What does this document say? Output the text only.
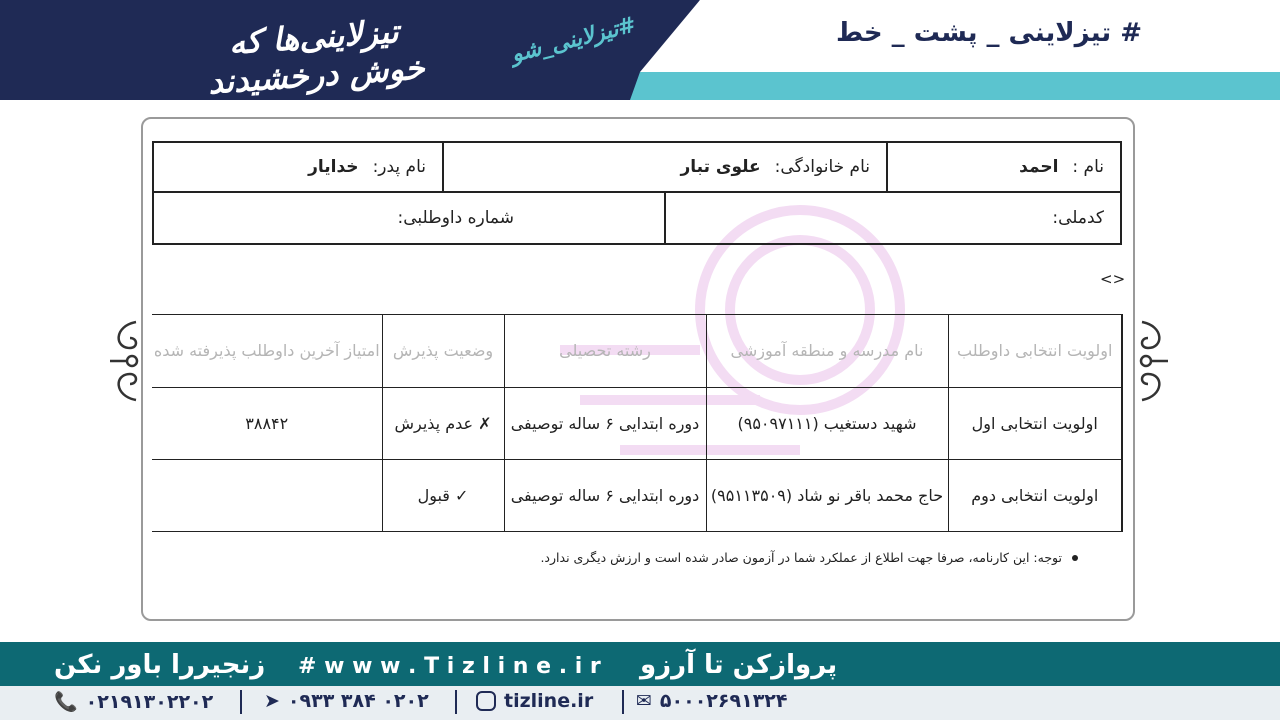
# تیزلاینی _ پشت _ خط
تیزلاینی‌ها که خوش درخشیدند
#تیزلاینی_شو
نام :
احمد
نام خانوادگی:
علوی تبار
نام پدر:
خدایار
کدملی:
شماره داوطلبی:
<>
اولویت انتخابی داوطلب	نام مدرسه و منطقه آموزشی	رشته تحصیلی	وضعیت پذیرش	امتیاز آخرین داوطلب پذیرفته شده
اولویت انتخابی اول	شهید دستغیب (۹۵۰۹۷۱۱۱)	دوره ابتدایی ۶ ساله توصیفی	✗ عدم پذیرش	۳۸۸۴۲
اولویت انتخابی دوم	حاج محمد باقر نو شاد (۹۵۱۱۳۵۰۹)	دوره ابتدایی ۶ ساله توصیفی	✓ قبول	
توجه: این کارنامه، صرفا جهت اطلاع از عملکرد شما در آزمون صادر شده است و ارزش دیگری ندارد.
زنجیررا باور نکن # w w w . T i z l i n e . i r پروازکن تا آرزو
📞 ۰۲۱۹۱۳۰۲۲۰۲	➤ ۰۹۳۳ ۳۸۴ ۰۲۰۲	tizline.ir ✉ ۵۰۰۰۲۶۹۱۳۲۴
